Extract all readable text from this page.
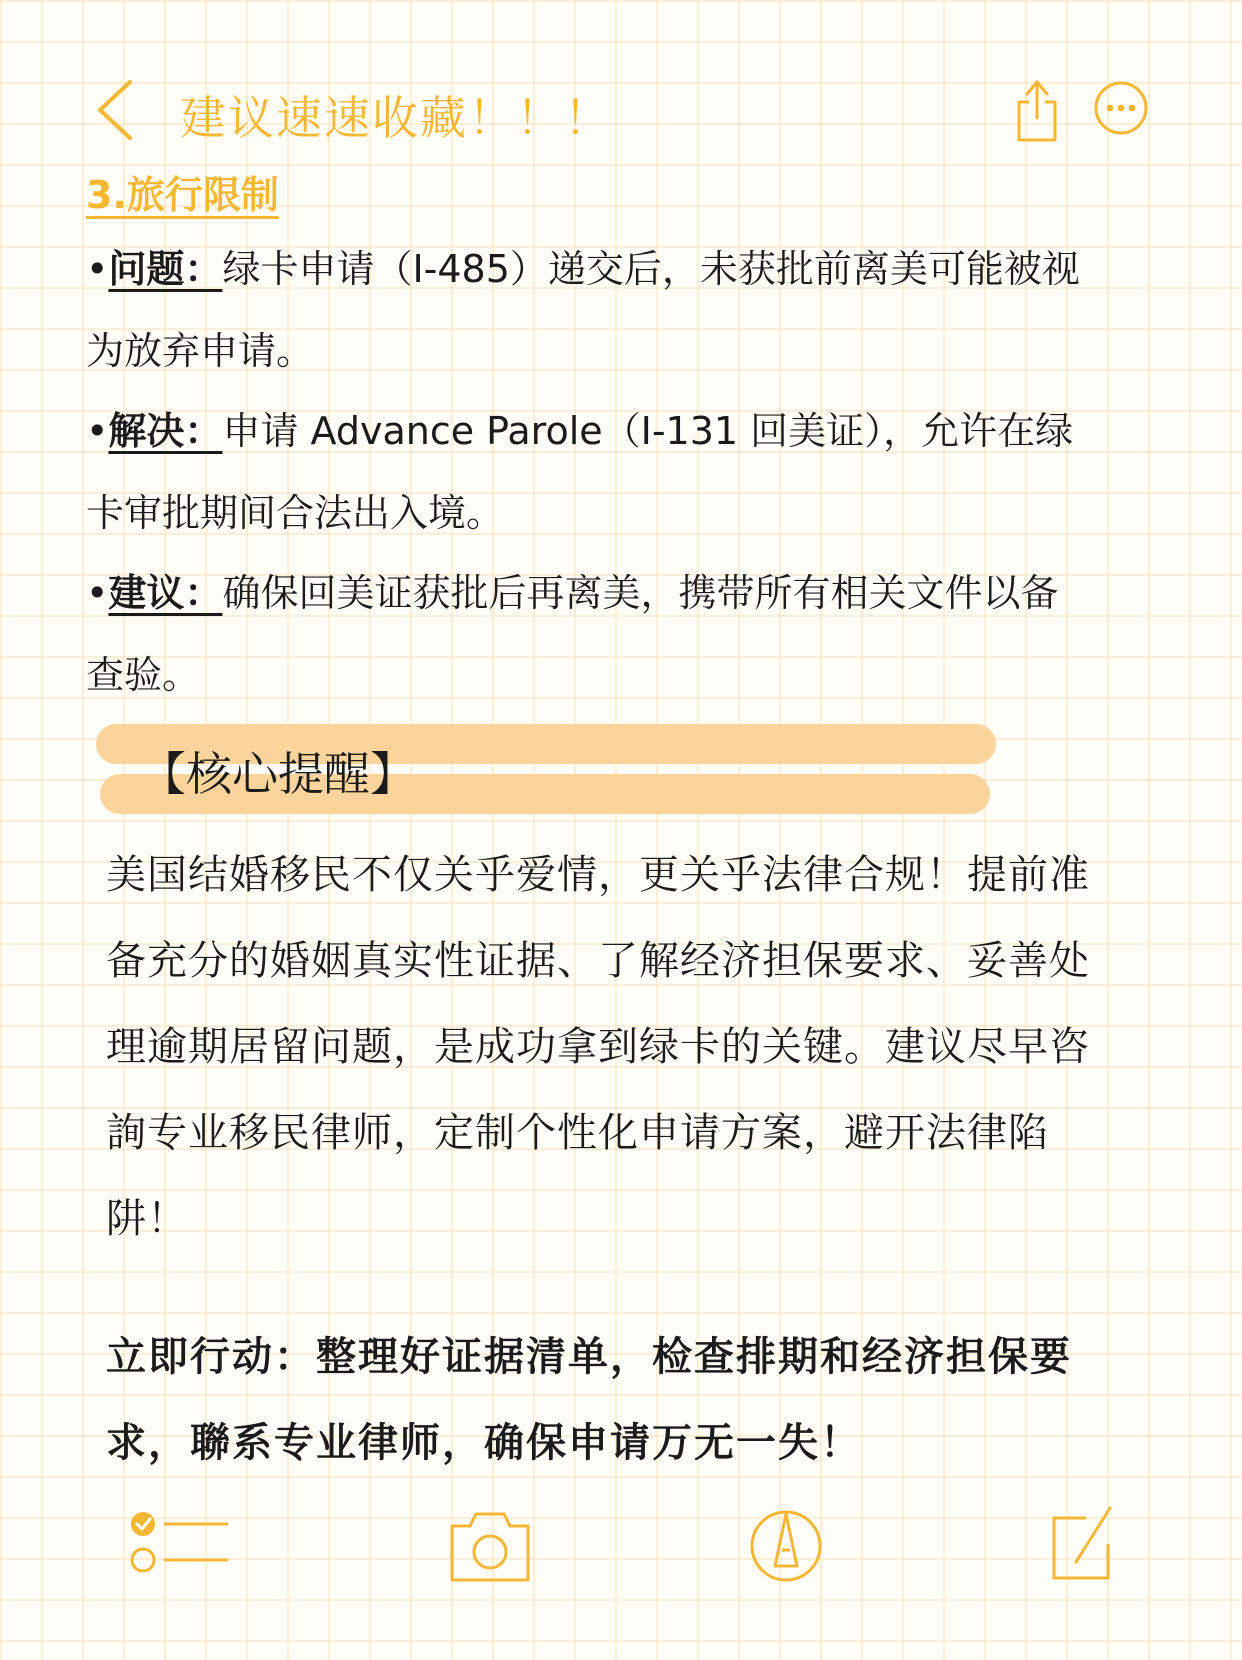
建议速速收藏！！！
3.旅行限制
•问题：绿卡申请（I-485）递交后，未获批前离美可能被视
为放弃申请。
•解决：申请 Advance Parole（I-131 回美证），允许在绿
卡审批期间合法出入境。
•建议：确保回美证获批后再离美，携带所有相关文件以备
查验。
【核心提醒】
美国结婚移民不仅关乎爱情，更关乎法律合规！提前准
备充分的婚姻真实性证据、了解经济担保要求、妥善处
理逾期居留问题，是成功拿到绿卡的关键。建议尽早咨
詢专业移民律师，定制个性化申请方案，避开法律陷
阱！
立即行动：整理好证据清单，检查排期和经济担保要
求，聯系专业律师，确保申请万无一失！
